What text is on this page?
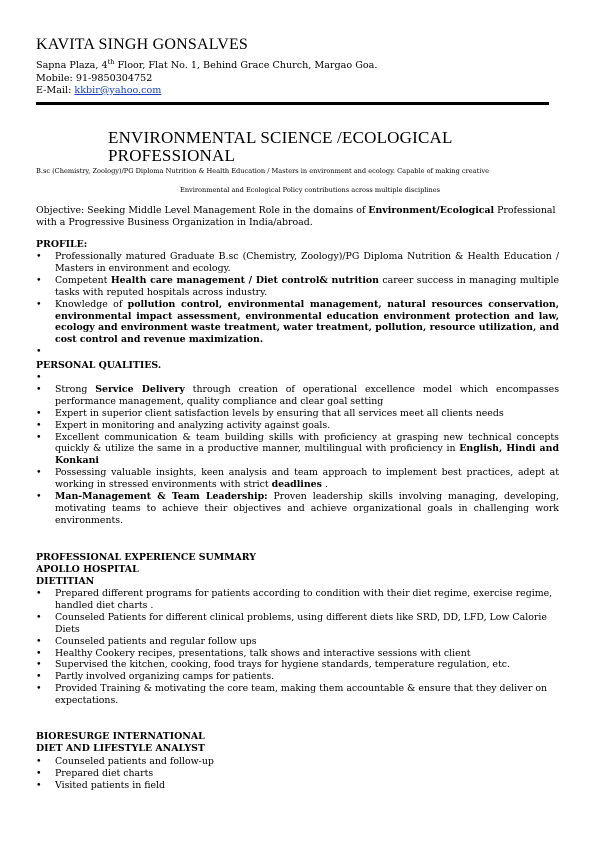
KAVITA SINGH GONSALVES
Sapna Plaza, 4th Floor, Flat No. 1, Behind Grace Church, Margao Goa.
Mobile: 91-9850304752
E-Mail: kkbir@yahoo.com
ENVIRONMENTAL SCIENCE /ECOLOGICAL
PROFESSIONAL
B.sc (Chemistry, Zoology)/PG Diploma Nutrition & Health Education / Masters in environment and ecology. Capable of making creative
Environmental and Ecological Policy contributions across multiple disciplines
Objective: Seeking Middle Level Management Role in the domains of Environment/Ecological Professional with a Progressive Business Organization in India/abroad.
PROFILE:
• Professionally matured Graduate B.sc (Chemistry, Zoology)/PG Diploma Nutrition & Health Education / Masters in environment and ecology.
• Competent Health care management / Diet control& nutrition career success in managing multiple tasks with reputed hospitals across industry.
• Knowledge of pollution control, environmental management, natural resources conservation, environmental impact assessment, environmental education environment protection and law, ecology and environment waste treatment, water treatment, pollution, resource utilization, and cost control and revenue maximization.
•
PERSONAL QUALITIES.
•
• Strong Service Delivery through creation of operational excellence model which encompasses performance management, quality compliance and clear goal setting
• Expert in superior client satisfaction levels by ensuring that all services meet all clients needs
• Expert in monitoring and analyzing activity against goals.
• Excellent communication & team building skills with proficiency at grasping new technical concepts quickly & utilize the same in a productive manner, multilingual with proficiency in English, Hindi and Konkani
• Possessing valuable insights, keen analysis and team approach to implement best practices, adept at working in stressed environments with strict deadlines .
• Man-Management & Team Leadership: Proven leadership skills involving managing, developing, motivating teams to achieve their objectives and achieve organizational goals in challenging work environments.
PROFESSIONAL EXPERIENCE SUMMARY
APOLLO HOSPITAL
DIETITIAN
• Prepared different programs for patients according to condition with their diet regime, exercise regime,
handled diet charts .
• Counseled Patients for different clinical problems, using different diets like SRD, DD, LFD, Low Calorie Diets
• Counseled patients and regular follow ups
• Healthy Cookery recipes, presentations, talk shows and interactive sessions with client
• Supervised the kitchen, cooking, food trays for hygiene standards, temperature regulation, etc.
• Partly involved organizing camps for patients.
• Provided Training & motivating the core team, making them accountable & ensure that they deliver on expectations.
BIORESURGE INTERNATIONAL
DIET AND LIFESTYLE ANALYST
• Counseled patients and follow-up
• Prepared diet charts
• Visited patients in field
